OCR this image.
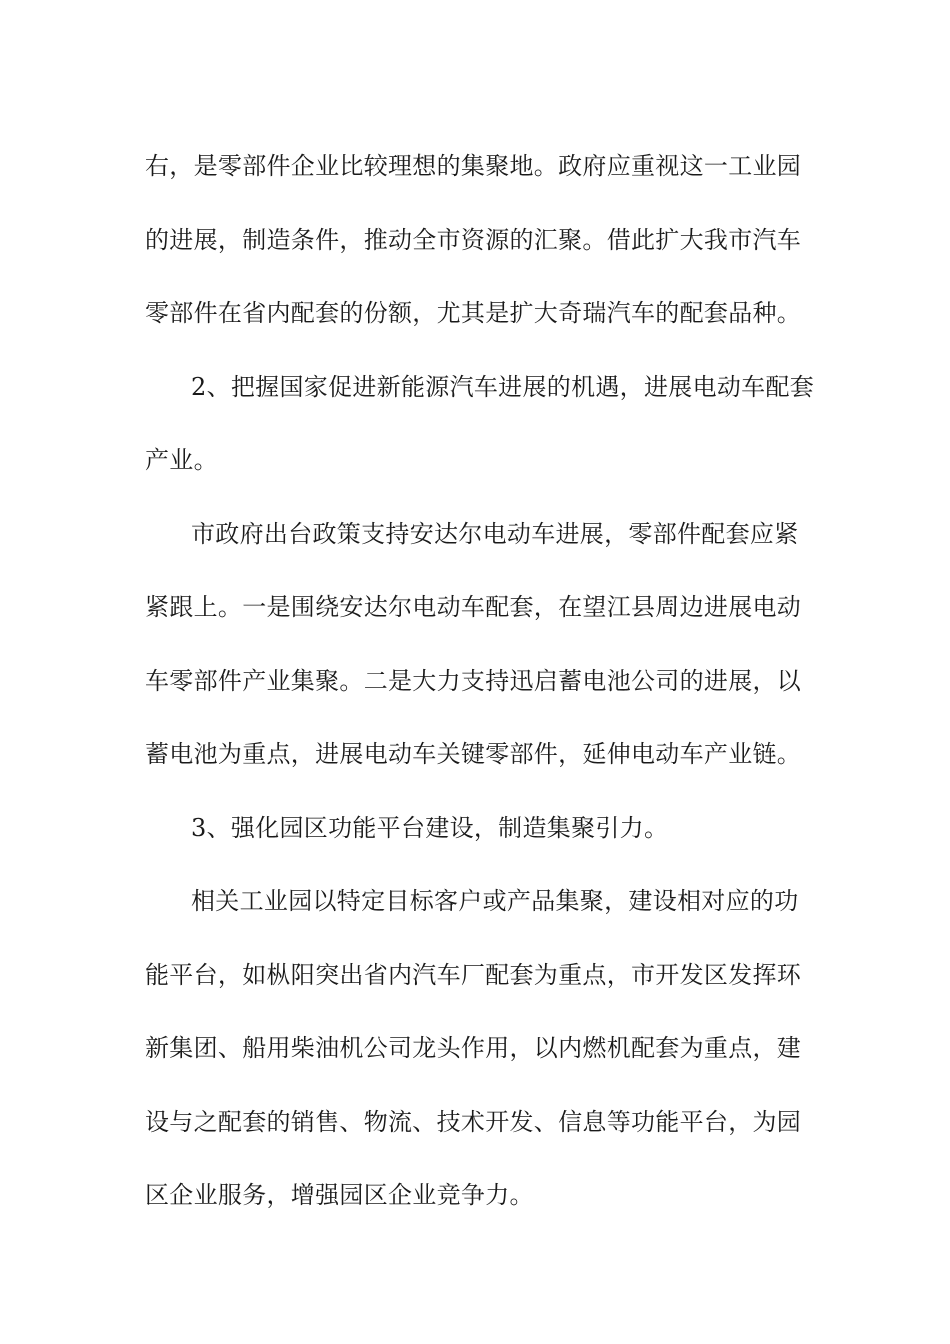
右，是零部件企业比较理想的集聚地。政府应重视这一工业园
的进展，制造条件，推动全市资源的汇聚。借此扩大我市汽车
零部件在省内配套的份额，尤其是扩大奇瑞汽车的配套品种。
2、把握国家促进新能源汽车进展的机遇，进展电动车配套
产业。
市政府出台政策支持安达尔电动车进展，零部件配套应紧
紧跟上。一是围绕安达尔电动车配套，在望江县周边进展电动
车零部件产业集聚。二是大力支持迅启蓄电池公司的进展，以
蓄电池为重点，进展电动车关键零部件，延伸电动车产业链。
3、强化园区功能平台建设，制造集聚引力。
相关工业园以特定目标客户或产品集聚，建设相对应的功
能平台，如枞阳突出省内汽车厂配套为重点，市开发区发挥环
新集团、船用柴油机公司龙头作用，以内燃机配套为重点，建
设与之配套的销售、物流、技术开发、信息等功能平台，为园
区企业服务，增强园区企业竞争力。
